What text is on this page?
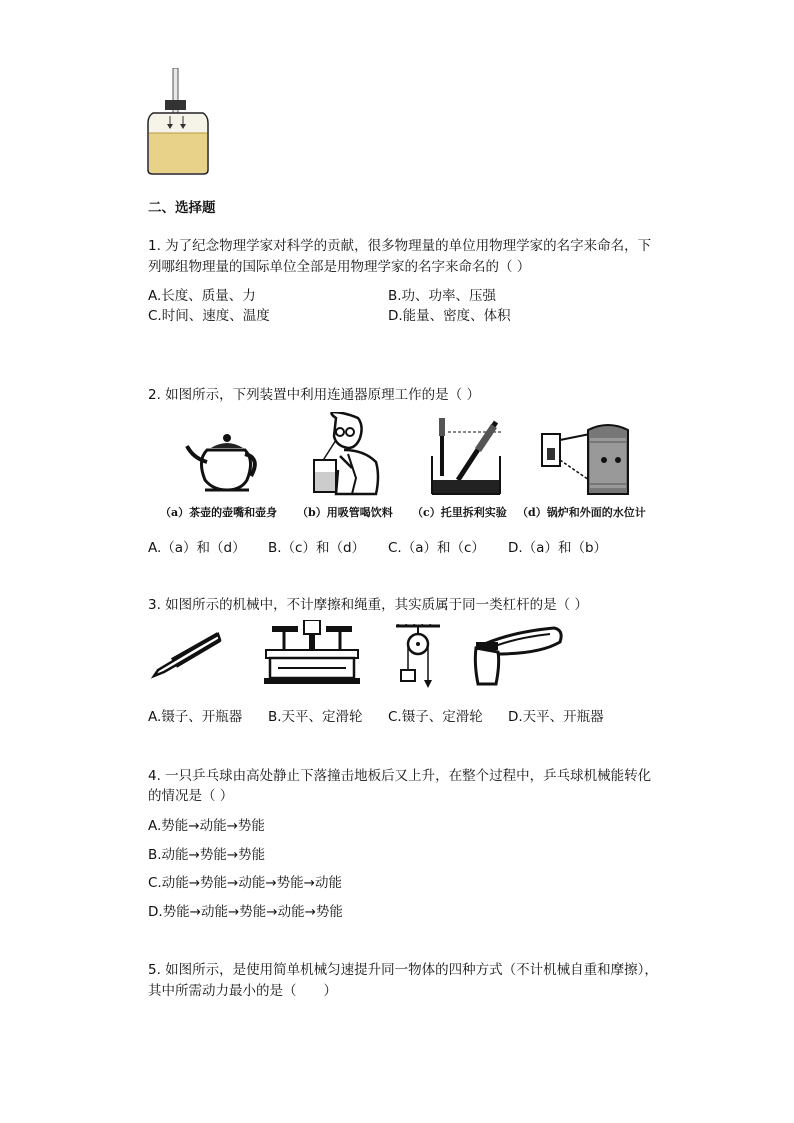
二、选择题
1. 为了纪念物理学家对科学的贡献，很多物理量的单位用物理学家的名字来命名，下
列哪组物理量的国际单位全部是用物理学家的名字来命名的（ ）
A.长度、质量、力	B.功、功率、压强
C.时间、速度、温度	D.能量、密度、体积
2. 如图所示，下列装置中利用连通器原理工作的是（ ）
（a）茶壶的壶嘴和壶身 （b）用吸管喝饮料 （c）托里拆利实验 （d）锅炉和外面的水位计
A.（a）和（d） B.（c）和（d） C.（a）和（c） D.（a）和（b）
3. 如图所示的机械中，不计摩擦和绳重，其实质属于同一类杠杆的是（ ）
A.镊子、开瓶器 B.天平、定滑轮 C.镊子、定滑轮 D.天平、开瓶器
4. 一只乒乓球由高处静止下落撞击地板后又上升，在整个过程中，乒乓球机械能转化
的情况是（ ）
A.势能→动能→势能
B.动能→势能→势能
C.动能→势能→动能→势能→动能
D.势能→动能→势能→动能→势能
5. 如图所示，是使用简单机械匀速提升同一物体的四种方式（不计机械自重和摩擦），
其中所需动力最小的是（　　）
